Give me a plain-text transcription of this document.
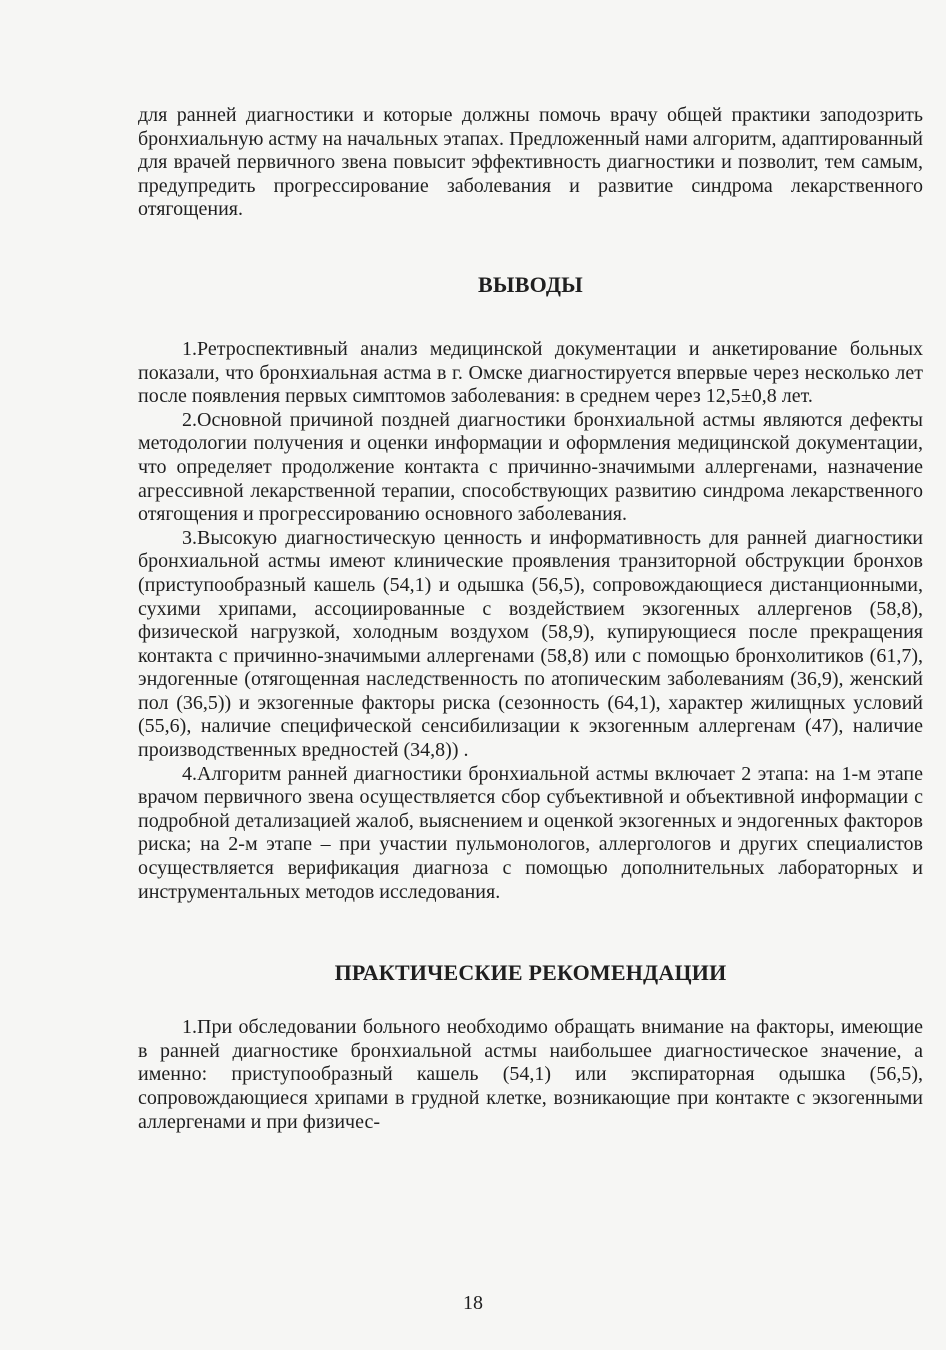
для ранней диагностики и которые должны помочь врачу общей практики заподозрить бронхиальную астму на начальных этапах. Предложенный нами алгоритм, адаптированный для врачей первичного звена повысит эффективность диагностики и позволит, тем самым, предупредить прогрессирование заболевания и развитие синдрома лекарственного отягощения.

ВЫВОДЫ

1.Ретроспективный анализ медицинской документации и анкетирование больных показали, что бронхиальная астма в г. Омске диагностируется впервые через несколько лет после появления первых симптомов заболевания: в среднем через 12,5±0,8 лет.

2.Основной причиной поздней диагностики бронхиальной астмы являются дефекты методологии получения и оценки информации и оформления медицинской документации, что определяет продолжение контакта с причинно-значимыми аллергенами, назначение агрессивной лекарственной терапии, способствующих развитию синдрома лекарственного отягощения и прогрессированию основного заболевания.

3.Высокую диагностическую ценность и информативность для ранней диагностики бронхиальной астмы имеют клинические проявления транзиторной обструкции бронхов (приступообразный кашель (54,1) и одышка (56,5), сопровождающиеся дистанционными, сухими хрипами, ассоциированные с воздействием экзогенных аллергенов (58,8), физической нагрузкой, холодным воздухом (58,9), купирующиеся после прекращения контакта с причинно-значимыми аллергенами (58,8) или с помощью бронхолитиков (61,7), эндогенные (отягощенная наследственность по атопическим заболеваниям (36,9), женский пол (36,5)) и экзогенные факторы риска (сезонность (64,1), характер жилищных условий (55,6), наличие специфической сенсибилизации к экзогенным аллергенам (47), наличие производственных вредностей (34,8)) .

4.Алгоритм ранней диагностики бронхиальной астмы включает 2 этапа: на 1-м этапе врачом первичного звена осуществляется сбор субъективной и объективной информации с подробной детализацией жалоб, выяснением и оценкой экзогенных и эндогенных факторов риска; на 2-м этапе – при участии пульмонологов, аллергологов и других специалистов осуществляется верификация диагноза с помощью дополнительных лабораторных и инструментальных методов исследования.

ПРАКТИЧЕСКИЕ РЕКОМЕНДАЦИИ

1.При обследовании больного необходимо обращать внимание на факторы, имеющие в ранней диагностике бронхиальной астмы наибольшее диагностическое значение, а именно: приступообразный кашель (54,1) или экспираторная одышка (56,5), сопровождающиеся хрипами в грудной клетке, возникающие при контакте с экзогенными аллергенами и при физичес-

18
